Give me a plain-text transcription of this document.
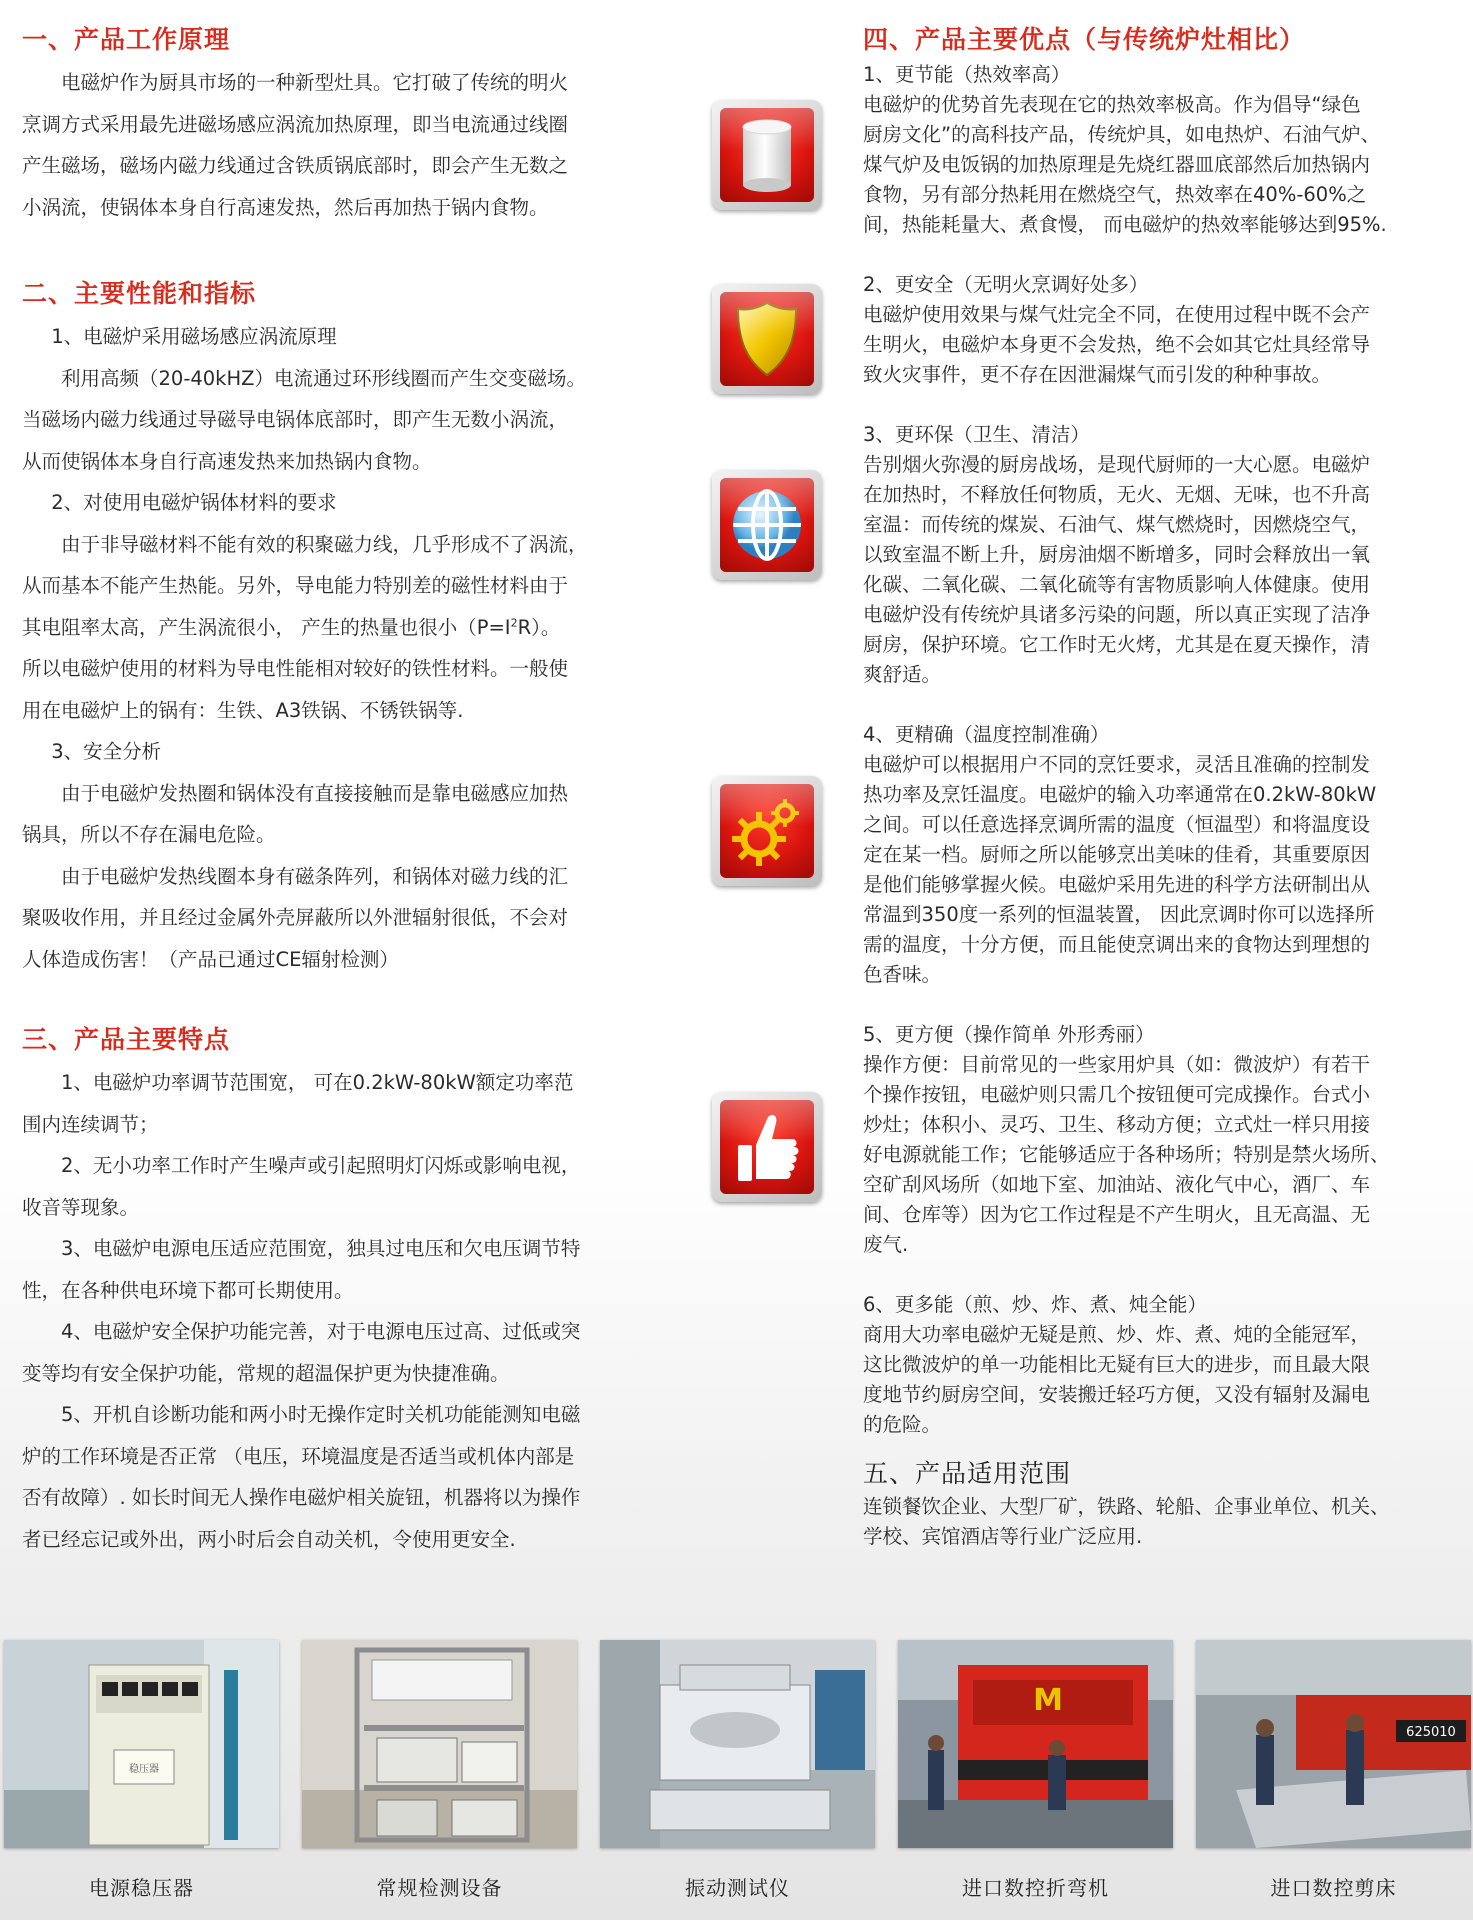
一、产品工作原理
电磁炉作为厨具市场的一种新型灶具。它打破了传统的明火
烹调方式采用最先进磁场感应涡流加热原理，即当电流通过线圈
产生磁场，磁场内磁力线通过含铁质锅底部时，即会产生无数之
小涡流，使锅体本身自行高速发热，然后再加热于锅内食物。
二、主要性能和指标
1、电磁炉采用磁场感应涡流原理
利用高频（20-40kHZ）电流通过环形线圈而产生交变磁场。
当磁场内磁力线通过导磁导电锅体底部时，即产生无数小涡流，
从而使锅体本身自行高速发热来加热锅内食物。
2、对使用电磁炉锅体材料的要求
由于非导磁材料不能有效的积聚磁力线，几乎形成不了涡流，
从而基本不能产生热能。另外，导电能力特别差的磁性材料由于
其电阻率太高，产生涡流很小， 产生的热量也很小$(P=I^2R)$。
所以电磁炉使用的材料为导电性能相对较好的铁性材料。一般使
用在电磁炉上的锅有：生铁、A3铁锅、不锈铁锅等.
3、安全分析
由于电磁炉发热圈和锅体没有直接接触而是靠电磁感应加热
锅具，所以不存在漏电危险。
由于电磁炉发热线圈本身有磁条阵列，和锅体对磁力线的汇
聚吸收作用，并且经过金属外壳屏蔽所以外泄辐射很低，不会对
人体造成伤害！（产品已通过CE辐射检测）
三、产品主要特点
1、电磁炉功率调节范围宽， 可在0.2kW-80kW额定功率范
围内连续调节；
2、无小功率工作时产生噪声或引起照明灯闪烁或影响电视，
收音等现象。
3、电磁炉电源电压适应范围宽，独具过电压和欠电压调节特
性，在各种供电环境下都可长期使用。
4、电磁炉安全保护功能完善，对于电源电压过高、过低或突
变等均有安全保护功能，常规的超温保护更为快捷准确。
5、开机自诊断功能和两小时无操作定时关机功能能测知电磁
炉的工作环境是否正常 （电压，环境温度是否适当或机体内部是
否有故障）. 如长时间无人操作电磁炉相关旋钮，机器将以为操作
者已经忘记或外出，两小时后会自动关机，令使用更安全.
四、产品主要优点（与传统炉灶相比）
1、更节能（热效率高）
电磁炉的优势首先表现在它的热效率极高。作为倡导“绿色
厨房文化”的高科技产品，传统炉具，如电热炉、石油气炉、
煤气炉及电饭锅的加热原理是先烧红器皿底部然后加热锅内
食物，另有部分热耗用在燃烧空气，热效率在40%-60%之
间，热能耗量大、煮食慢， 而电磁炉的热效率能够达到95%.
2、更安全（无明火烹调好处多）
电磁炉使用效果与煤气灶完全不同，在使用过程中既不会产
生明火，电磁炉本身更不会发热，绝不会如其它灶具经常导
致火灾事件，更不存在因泄漏煤气而引发的种种事故。
3、更环保（卫生、清洁）
告别烟火弥漫的厨房战场，是现代厨师的一大心愿。电磁炉
在加热时，不释放任何物质，无火、无烟、无味，也不升高
室温：而传统的煤炭、石油气、煤气燃烧时，因燃烧空气，
以致室温不断上升，厨房油烟不断增多，同时会释放出一氧
化碳、二氧化碳、二氧化硫等有害物质影响人体健康。使用
电磁炉没有传统炉具诸多污染的问题，所以真正实现了洁净
厨房，保护环境。它工作时无火烤，尤其是在夏天操作，清
爽舒适。
4、更精确（温度控制准确）
电磁炉可以根据用户不同的烹饪要求，灵活且准确的控制发
热功率及烹饪温度。电磁炉的输入功率通常在0.2kW-80kW
之间。可以任意选择烹调所需的温度（恒温型）和将温度设
定在某一档。厨师之所以能够烹出美味的佳肴，其重要原因
是他们能够掌握火候。电磁炉采用先进的科学方法研制出从
常温到350度一系列的恒温装置， 因此烹调时你可以选择所
需的温度，十分方便，而且能使烹调出来的食物达到理想的
色香味。
5、更方便（操作简单 外形秀丽）
操作方便：目前常见的一些家用炉具（如：微波炉）有若干
个操作按钮，电磁炉则只需几个按钮便可完成操作。台式小
炒灶；体积小、灵巧、卫生、移动方便；立式灶一样只用接
好电源就能工作；它能够适应于各种场所；特别是禁火场所、
空矿刮风场所（如地下室、加油站、液化气中心，酒厂、车
间、仓库等）因为它工作过程是不产生明火，且无高温、无
废气.
6、更多能（煎、炒、炸、煮、炖全能）
商用大功率电磁炉无疑是煎、炒、炸、煮、炖的全能冠军，
这比微波炉的单一功能相比无疑有巨大的进步，而且最大限
度地节约厨房空间，安装搬迁轻巧方便，又没有辐射及漏电
的危险。
五、产品适用范围
连锁餐饮企业、大型厂矿，铁路、轮船、企事业单位、机关、
学校、宾馆酒店等行业广泛应用.
稳压器
电源稳压器	常规检测设备	振动测试仪
M
进口数控折弯机
625010
进口数控剪床
